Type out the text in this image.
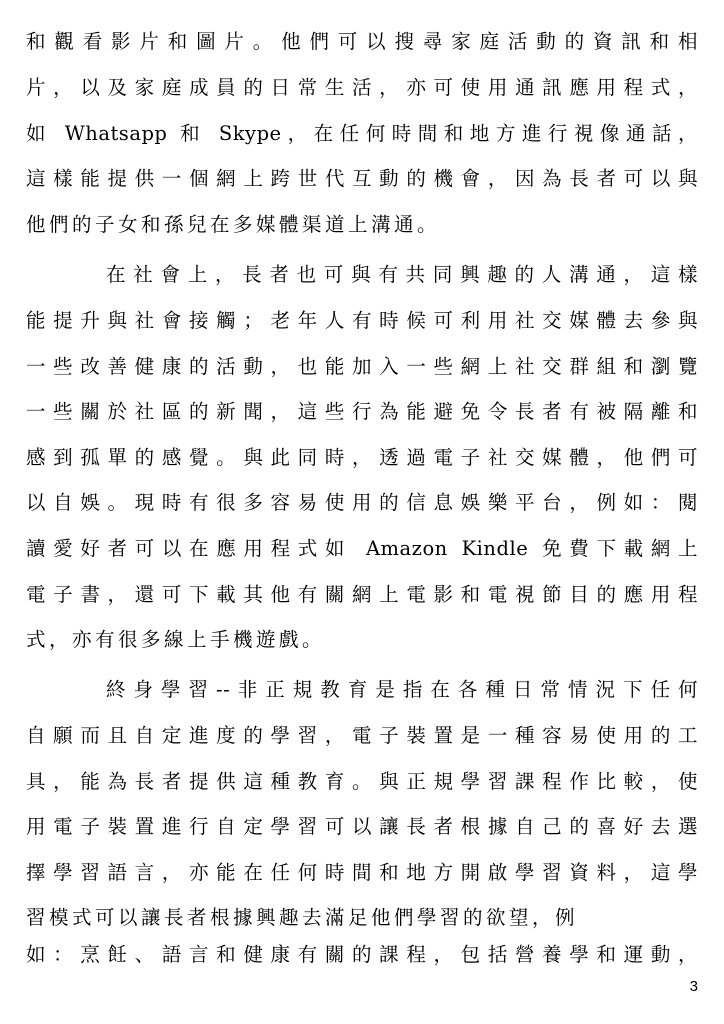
和觀看影片和圖片。他們可以搜尋家庭活動的資訊和相
片，以及家庭成員的日常生活，亦可使用通訊應用程式，
如 Whatsapp 和 Skype，在任何時間和地方進行視像通話，
這樣能提供一個網上跨世代互動的機會，因為長者可以與
他們的子女和孫兒在多媒體渠道上溝通。
在社會上，長者也可與有共同興趣的人溝通，這樣
能提升與社會接觸；老年人有時候可利用社交媒體去參與
一些改善健康的活動，也能加入一些網上社交群組和瀏覽
一些關於社區的新聞，這些行為能避免令長者有被隔離和
感到孤單的感覺。與此同時，透過電子社交媒體，他們可
以自娛。現時有很多容易使用的信息娛樂平台，例如：閱
讀愛好者可以在應用程式如 Amazon Kindle 免費下載網上
電子書，還可下載其他有關網上電影和電視節目的應用程
式，亦有很多線上手機遊戲。
終身學習--非正規教育是指在各種日常情況下任何
自願而且自定進度的學習，電子裝置是一種容易使用的工
具，能為長者提供這種教育。與正規學習課程作比較，使
用電子裝置進行自定學習可以讓長者根據自己的喜好去選
擇學習語言，亦能在任何時間和地方開啟學習資料，這學
習模式可以讓長者根據興趣去滿足他們學習的欲望，例
如：烹飪、語言和健康有關的課程，包括營養學和運動，
3
